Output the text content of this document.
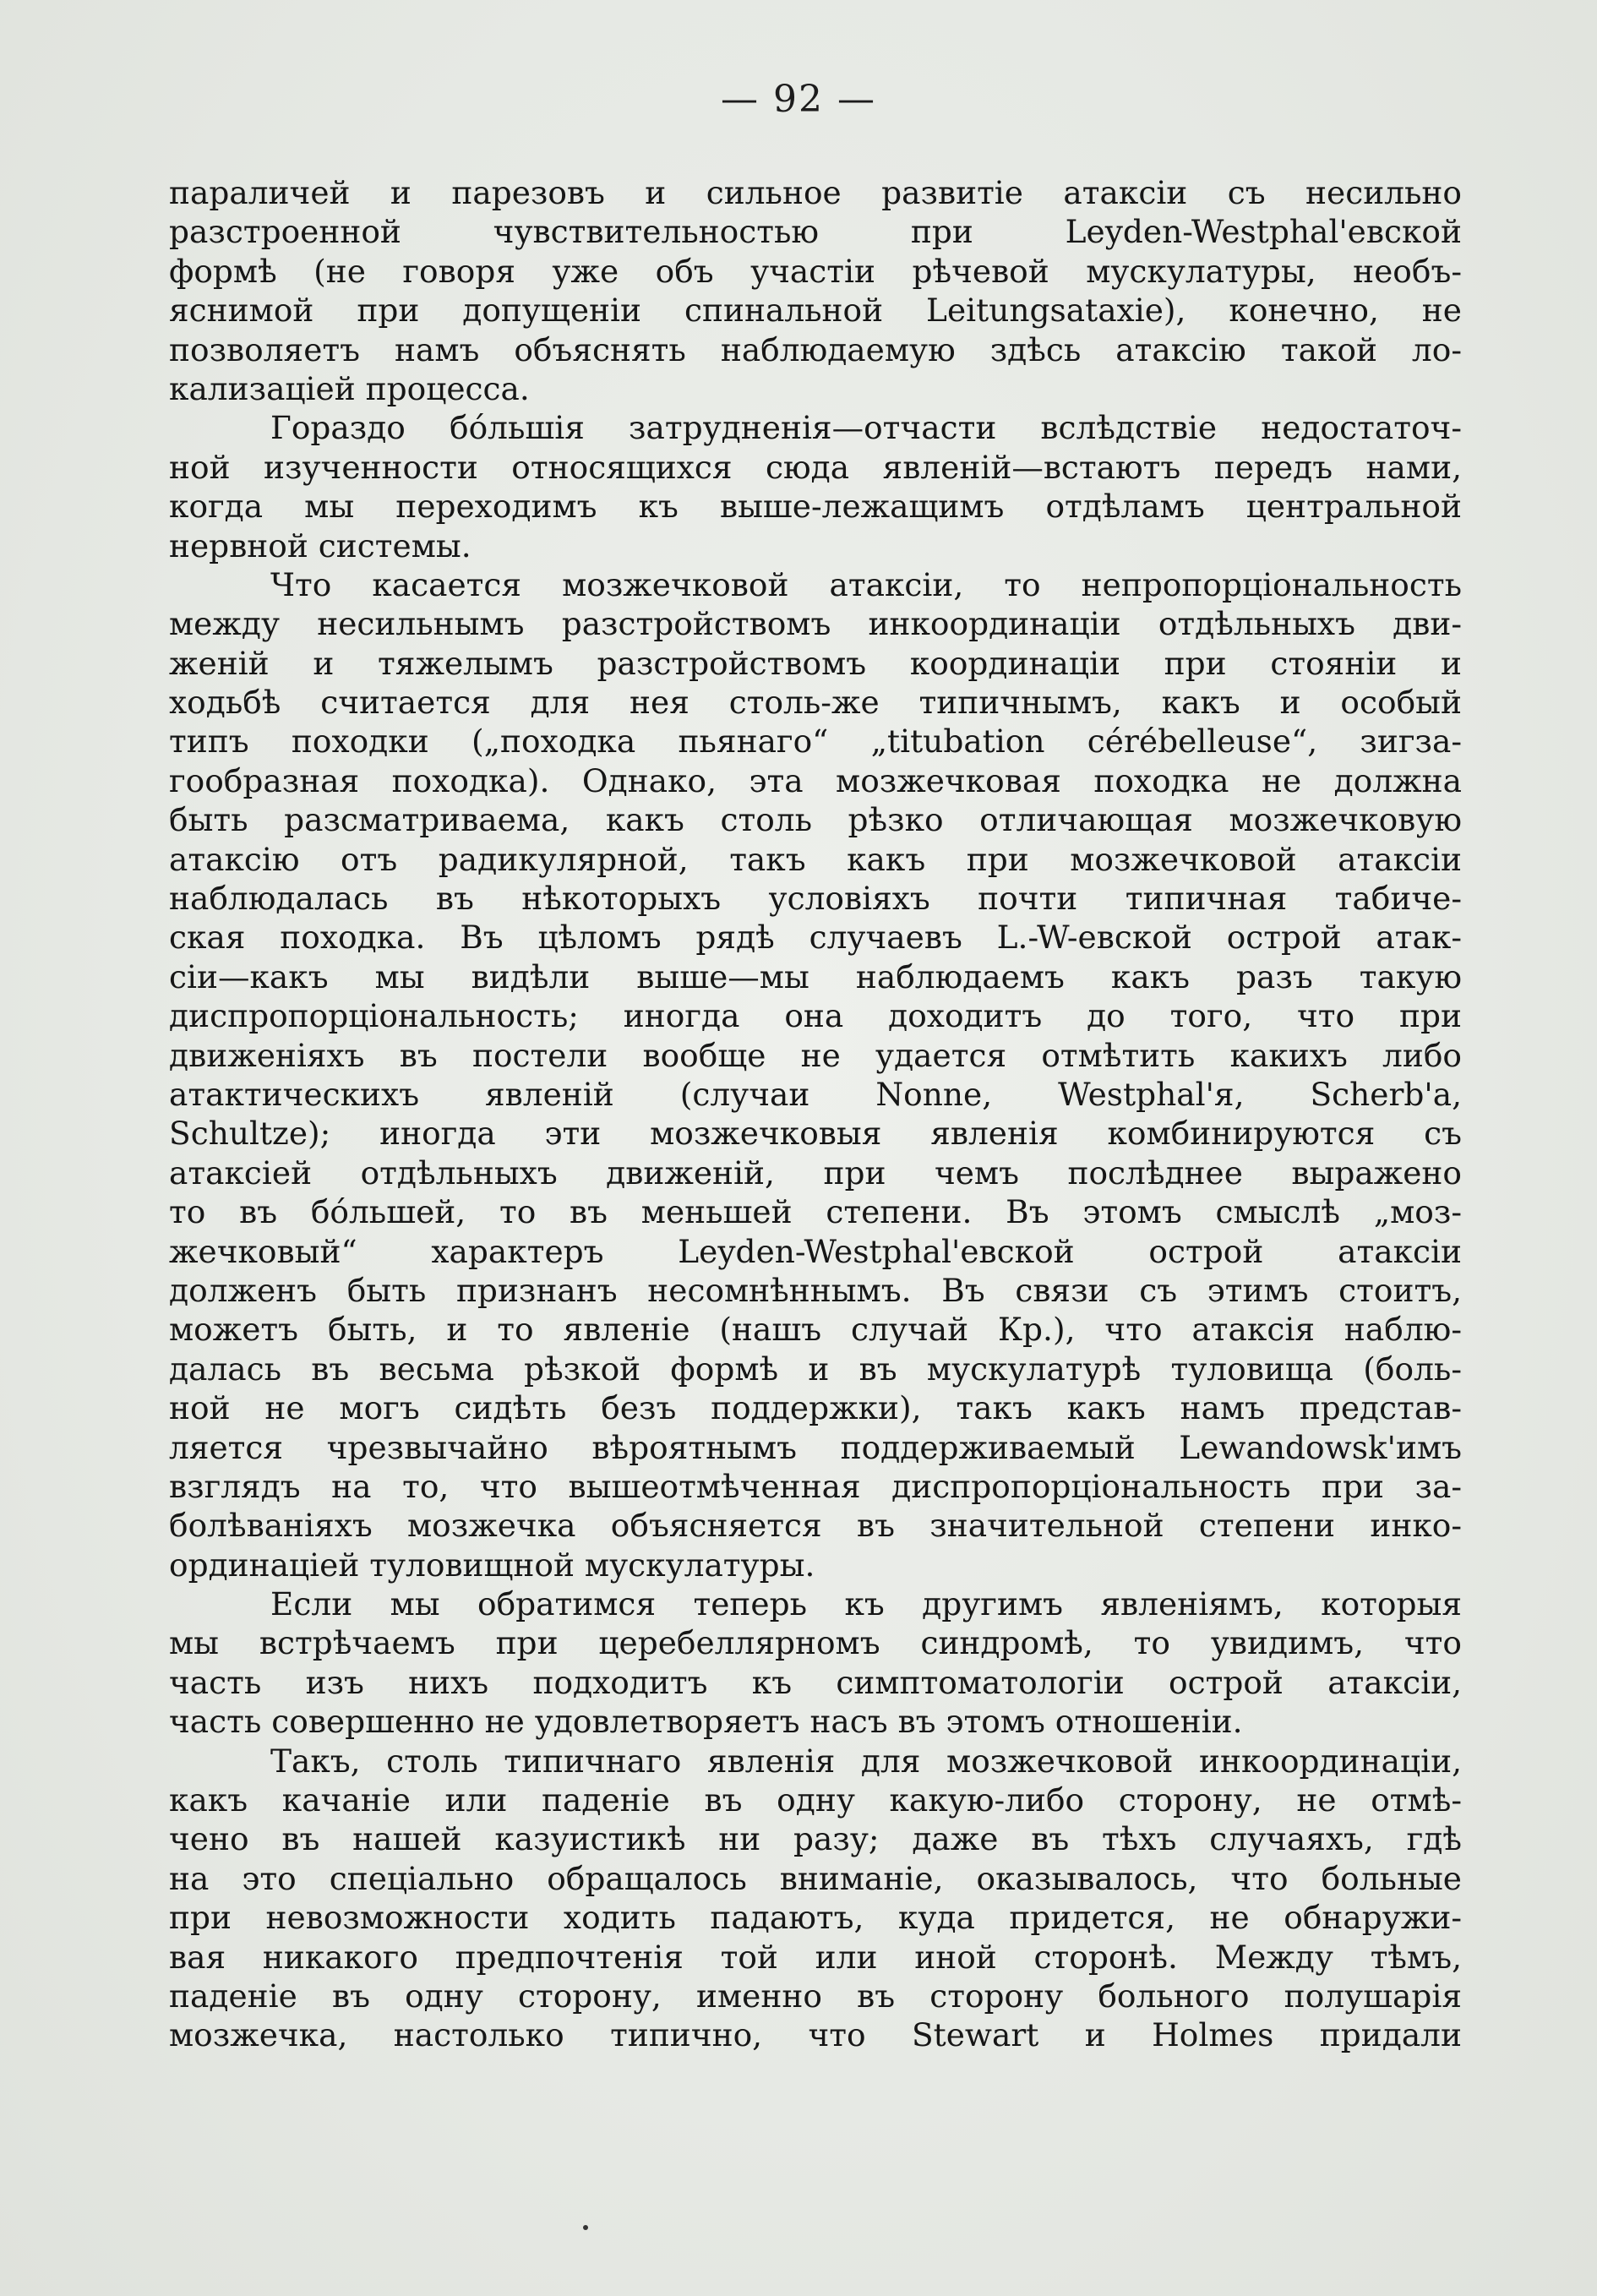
— 92 —
параличей и парезовъ и сильное развитіе атаксіи съ несильно
разстроенной чувствительностью при Leyden-Westphal'евской
формѣ (не говоря уже объ участіи рѣчевой мускулатуры, необъ-
яснимой при допущеніи спинальной Leitungsataxie), конечно, не
позволяетъ намъ объяснять наблюдаемую здѣсь атаксію такой ло-
кализаціей процесса.
Гораздо бо́льшія затрудненія—отчасти вслѣдствіе недостаточ-
ной изученности относящихся сюда явленій—встаютъ передъ нами,
когда мы переходимъ къ выше-лежащимъ отдѣламъ центральной
нервной системы.
Что касается мозжечковой атаксіи, то непропорціональность
между несильнымъ разстройствомъ инкоординаціи отдѣльныхъ дви-
женій и тяжелымъ разстройствомъ координаціи при стояніи и
ходьбѣ считается для нея столь-же типичнымъ, какъ и особый
типъ походки („походка пьянаго“ „titubation cérébelleuse“, зигза-
гообразная походка). Однако, эта мозжечковая походка не должна
быть разсматриваема, какъ столь рѣзко отличающая мозжечковую
атаксію отъ радикулярной, такъ какъ при мозжечковой атаксіи
наблюдалась въ нѣкоторыхъ условіяхъ почти типичная табиче-
ская походка. Въ цѣломъ рядѣ случаевъ L.-W-евской острой атак-
сіи—какъ мы видѣли выше—мы наблюдаемъ какъ разъ такую
диспропорціональность; иногда она доходитъ до того, что при
движеніяхъ въ постели вообще не удается отмѣтить какихъ либо
атактическихъ явленій (случаи Nonne, Westphal'я, Scherb'a,
Schultze); иногда эти мозжечковыя явленія комбинируются съ
атаксіей отдѣльныхъ движеній, при чемъ послѣднее выражено
то въ бо́льшей, то въ меньшей степени. Въ этомъ смыслѣ „моз-
жечковый“ характеръ Leyden-Westphal'евской острой атаксіи
долженъ быть признанъ несомнѣннымъ. Въ связи съ этимъ стоитъ,
можетъ быть, и то явленіе (нашъ случай Кр.), что атаксія наблю-
далась въ весьма рѣзкой формѣ и въ мускулатурѣ туловища (боль-
ной не могъ сидѣть безъ поддержки), такъ какъ намъ представ-
ляется чрезвычайно вѣроятнымъ поддерживаемый Lewandowsk'имъ
взглядъ на то, что вышеотмѣченная диспропорціональность при за-
болѣваніяхъ мозжечка объясняется въ значительной степени инко-
ординаціей туловищной мускулатуры.
Если мы обратимся теперь къ другимъ явленіямъ, которыя
мы встрѣчаемъ при церебеллярномъ синдромѣ, то увидимъ, что
часть изъ нихъ подходитъ къ симптоматологіи острой атаксіи,
часть совершенно не удовлетворяетъ насъ въ этомъ отношеніи.
Такъ, столь типичнаго явленія для мозжечковой инкоординаціи,
какъ качаніе или паденіе въ одну какую-либо сторону, не отмѣ-
чено въ нашей казуистикѣ ни разу; даже въ тѣхъ случаяхъ, гдѣ
на это спеціально обращалось вниманіе, оказывалось, что больные
при невозможности ходить падаютъ, куда придется, не обнаружи-
вая никакого предпочтенія той или иной сторонѣ. Между тѣмъ,
паденіе въ одну сторону, именно въ сторону больного полушарія
мозжечка, настолько типично, что Stewart и Holmes придали
